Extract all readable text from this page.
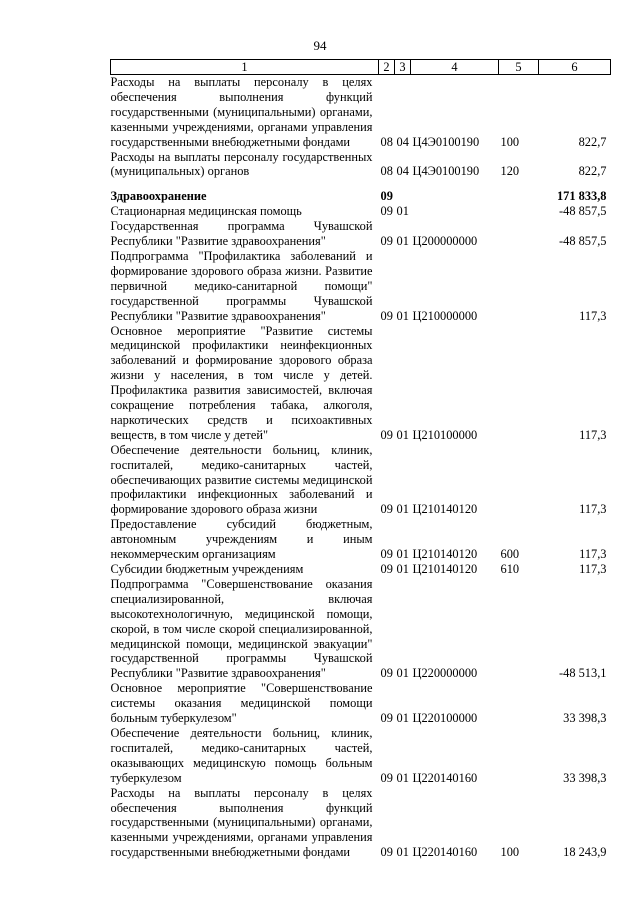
94
1	2	3	4	5	6
Расходы на выплаты персоналу в целях обеспечения выполнения функций государственными (муниципальными) органами, казенными учреждениями, органами управления государственными внебюджетными фондами	08	04	Ц4Э0100190	100	822,7
Расходы на выплаты персоналу государственных (муниципальных) органов	08	04	Ц4Э0100190	120	822,7

Здравоохранение	09				171 833,8
Стационарная медицинская помощь	09	01			-48 857,5
Государственная программа Чувашской Республики "Развитие здравоохранения"	09	01	Ц200000000		-48 857,5
Подпрограмма "Профилактика заболеваний и формирование здорового образа жизни. Развитие первичной медико-санитарной помощи" государственной программы Чувашской Республики "Развитие здравоохранения"	09	01	Ц210000000		117,3
Основное мероприятие "Развитие системы медицинской профилактики неинфекционных заболеваний и формирование здорового образа жизни у населения, в том числе у детей. Профилактика развития зависимостей, включая сокращение потребления табака, алкоголя, наркотических средств и психоактивных веществ, в том числе у детей"	09	01	Ц210100000		117,3
Обеспечение деятельности больниц, клиник, госпиталей, медико-санитарных частей, обеспечивающих развитие системы медицинской профилактики инфекционных заболеваний и формирование здорового образа жизни	09	01	Ц210140120		117,3
Предоставление субсидий бюджетным, автономным учреждениям и иным некоммерческим организациям	09	01	Ц210140120	600	117,3
Субсидии бюджетным учреждениям	09	01	Ц210140120	610	117,3
Подпрограмма "Совершенствование оказания специализированной, включая высокотехнологичную, медицинской помощи, скорой, в том числе скорой специализированной, медицинской помощи, медицинской эвакуации" государственной программы Чувашской Республики "Развитие здравоохранения"	09	01	Ц220000000		-48 513,1
Основное мероприятие "Совершенствование системы оказания медицинской помощи больным туберкулезом"	09	01	Ц220100000		33 398,3
Обеспечение деятельности больниц, клиник, госпиталей, медико-санитарных частей, оказывающих медицинскую помощь больным туберкулезом	09	01	Ц220140160		33 398,3
Расходы на выплаты персоналу в целях обеспечения выполнения функций государственными (муниципальными) органами, казенными учреждениями, органами управления государственными внебюджетными фондами	09	01	Ц220140160	100	18 243,9
